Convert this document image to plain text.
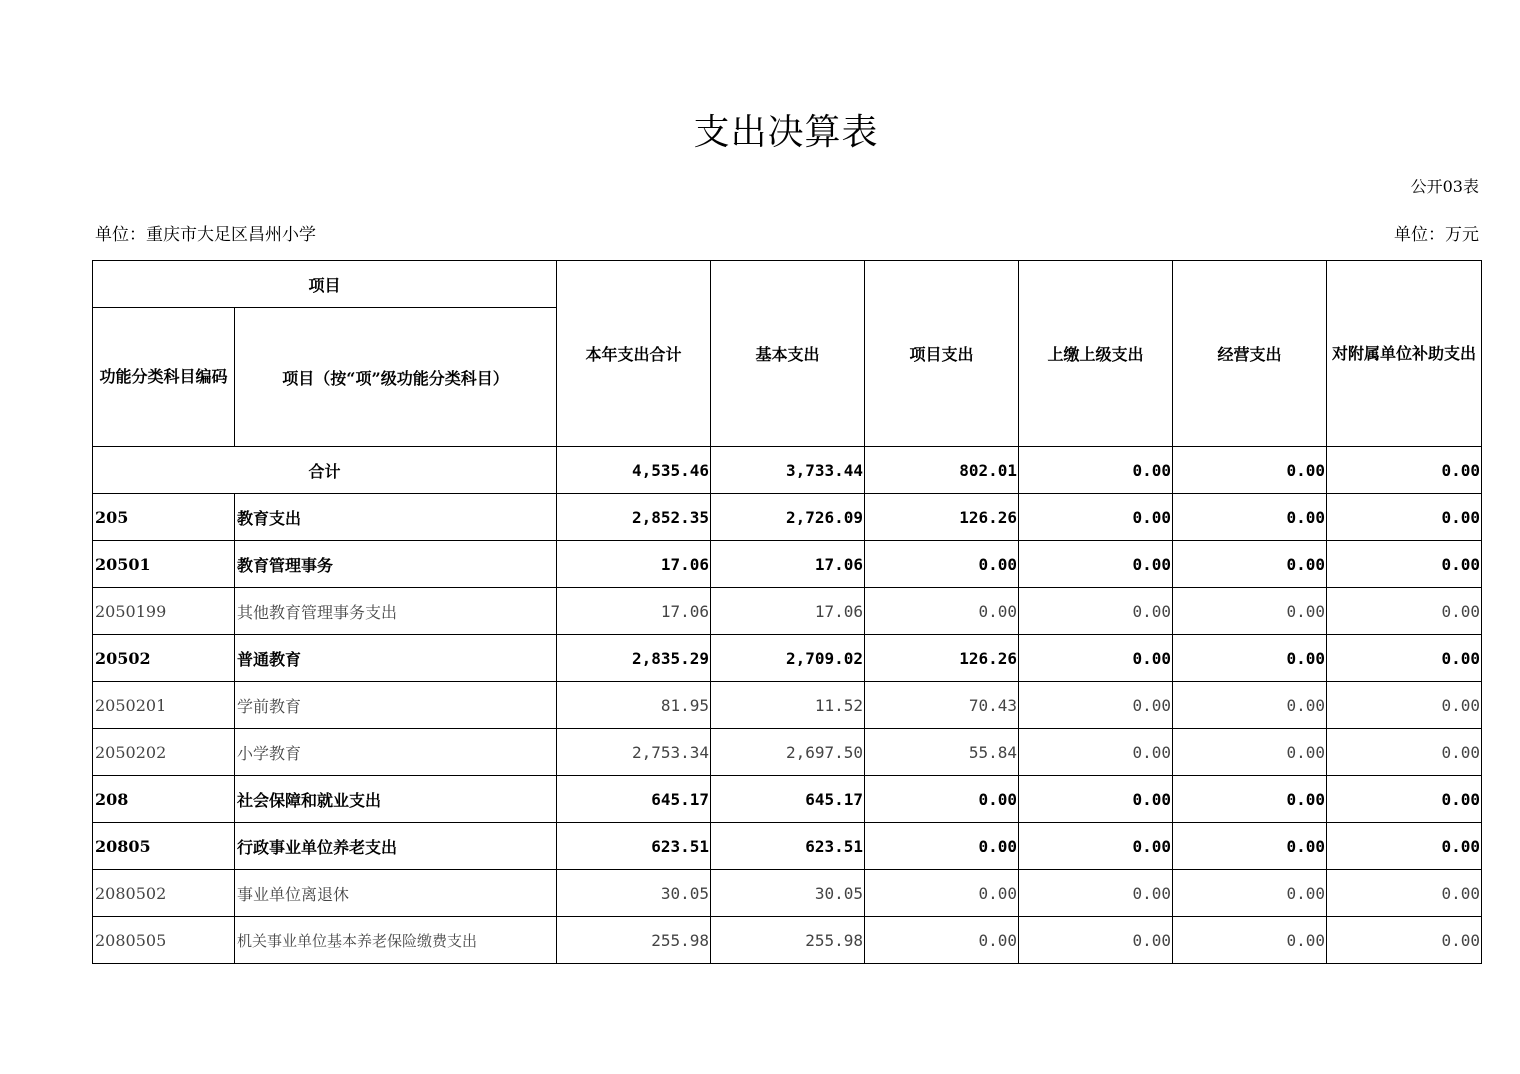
支出决算表
公开03表
单位：重庆市大足区昌州小学	单位：万元
项目		本年支出合计	基本支出	项目支出	上缴上级支出	经营支出	对附属单位补助支出
功能分类科目编码	项目（按“项”级功能分类科目）						
合计		4,535.46	3,733.44	802.01	0.00	0.00	0.00
205	教育支出	2,852.35	2,726.09	126.26	0.00	0.00	0.00
20501	教育管理事务	17.06	17.06	0.00	0.00	0.00	0.00
2050199	其他教育管理事务支出	17.06	17.06	0.00	0.00	0.00	0.00
20502	普通教育	2,835.29	2,709.02	126.26	0.00	0.00	0.00
2050201	学前教育	81.95	11.52	70.43	0.00	0.00	0.00
2050202	小学教育	2,753.34	2,697.50	55.84	0.00	0.00	0.00
208	社会保障和就业支出	645.17	645.17	0.00	0.00	0.00	0.00
20805	行政事业单位养老支出	623.51	623.51	0.00	0.00	0.00	0.00
2080502	事业单位离退休	30.05	30.05	0.00	0.00	0.00	0.00
2080505	机关事业单位基本养老保险缴费支出	255.98	255.98	0.00	0.00	0.00	0.00
